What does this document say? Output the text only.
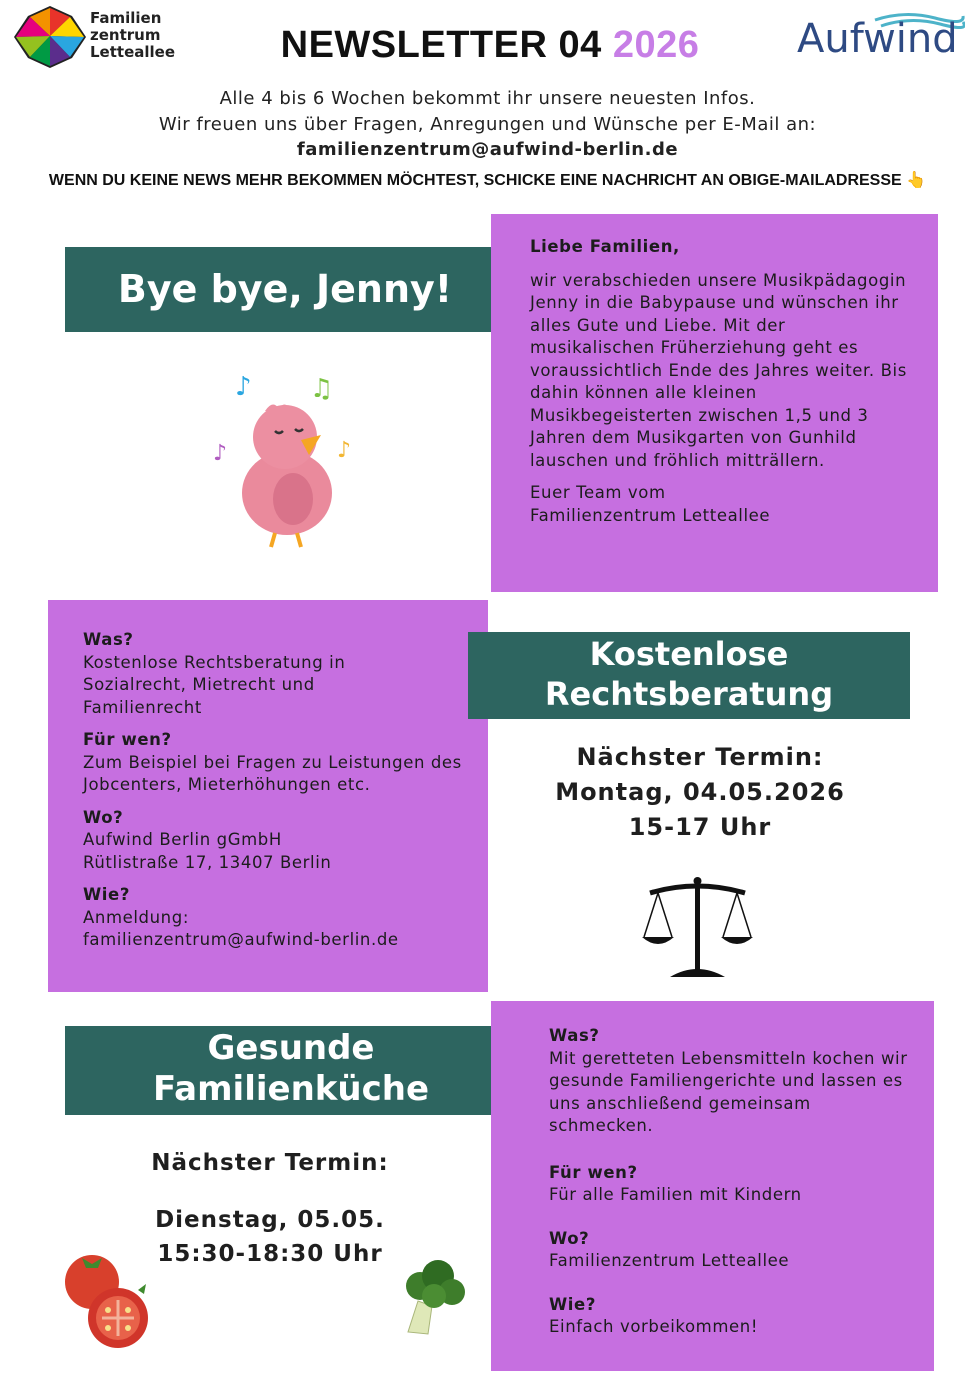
Familien
zentrum
Letteallee	NEWSLETTER 04 2026	Aufwind
Alle 4 bis 6 Wochen bekommt ihr unsere neuesten Infos.
Wir freuen uns über Fragen, Anregungen und Wünsche per E-Mail an:
familienzentrum@aufwind-berlin.de
WENN DU KEINE NEWS MEHR BEKOMMEN MÖCHTEST, SCHICKE EINE NACHRICHT AN OBIGE-MAILADRESSE 👆
Bye bye, Jenny!
♪ ♫
♪	♪

Liebe Familien,

wir verabschieden unsere Musikpädagogin Jenny in die Babypause und wünschen ihr alles Gute und Liebe. Mit der musikalischen Früherziehung geht es voraussichtlich Ende des Jahres weiter. Bis dahin können alle kleinen Musikbegeisterten zwischen 1,5 und 3 Jahren dem Musikgarten von Gunhild lauschen und fröhlich mitträllern.

Euer Team vom
Familienzentrum Letteallee
Was?

Kostenlose Rechtsberatung in Sozialrecht, Mietrecht und Familienrecht

Für wen?

Zum Beispiel bei Fragen zu Leistungen des Jobcenters, Mieterhöhungen etc.

Wo?
Aufwind Berlin gGmbH

Rütlistraße 17, 13407 Berlin

Wie?
Anmeldung:
familienzentrum@aufwind-berlin.de
Kostenlose
Rechtsberatung
Nächster Termin:
Montag, 04.05.2026
15-17 Uhr
Gesunde
Familienküche
Nächster Termin:
Dienstag, 05.05.
15:30-18:30 Uhr
Was?

Mit geretteten Lebensmitteln kochen wir gesunde Familiengerichte und lassen es uns anschließend gemeinsam schmecken.

Für wen?

Für alle Familien mit Kindern

Wo?

Familienzentrum Letteallee

Wie?
Einfach vorbeikommen!
